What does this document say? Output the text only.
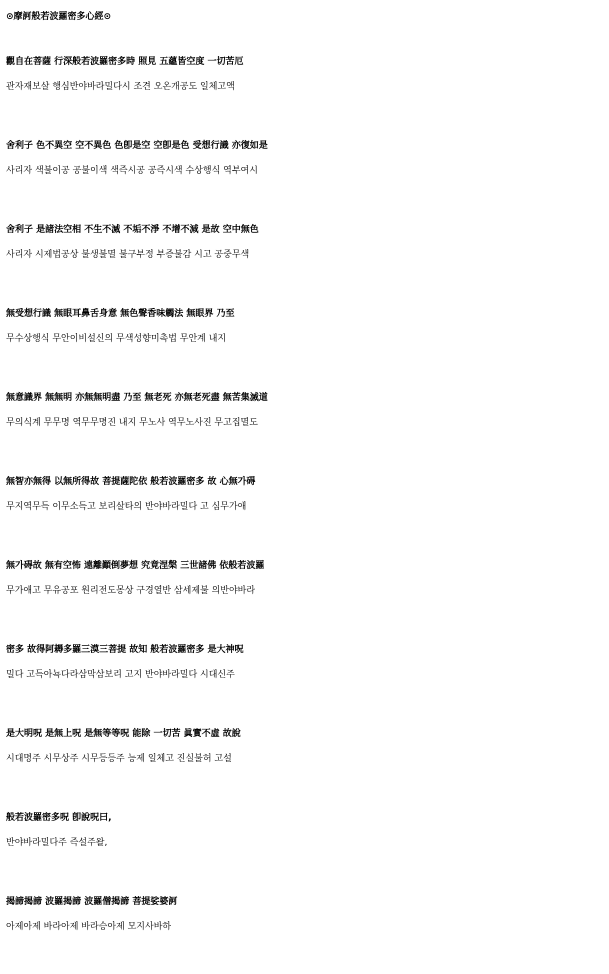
⊙摩訶般若波羅密多心經⊙
觀自在菩薩 行深般若波羅密多時 照見 五蘊皆空度 一切苦厄
관자재보살 행심반야바라밀다시 조견 오온개공도 일체고액
舍利子 色不異空 空不異色 色卽是空 空卽是色 受想行識 亦復如是
사리자 색불이공 공불이색 색즉시공 공즉시색 수상행식 역부여시
舍利子 是諸法空相 不生不滅 不垢不淨 不增不減 是故 空中無色
사리자 시제법공상 불생불멸 불구부정 부증불감 시고 공중무색
無受想行識 無眼耳鼻舌身意 無色聲香味觸法 無眼界 乃至
무수상행식 무안이비설신의 무색성향미촉법 무안계 내지
無意識界 無無明 亦無無明盡 乃至 無老死 亦無老死盡 無苦集滅道
무의식계 무무명 역무무명진 내지 무노사 역무노사진 무고집멸도
無智亦無得 以無所得故 菩提薩陀依 般若波羅密多 故 心無가碍
무지역무득 이무소득고 보리살타의 반야바라밀다 고 심무가애
無가碍故 無有空怖 遠離顚倒夢想 究竟涅槃 三世諸佛 依般若波羅
무가애고 무유공포 원리전도몽상 구경열반 삼세제불 의반야바라
密多 故得阿耨多羅三漠三菩提 故知 般若波羅密多 是大神呪
밀다 고득아뇩다라삼막삼보리 고지 반야바라밀다 시대신주
是大明呪 是無上呪 是無等等呪 能除 一切苦 眞實不虛 故說
시대명주 시무상주 시무등등주 능제 일체고 진실불허 고설
般若波羅密多呪 卽說呪曰,
반야바라밀다주 즉설주왈,
揭諦揭諦 波羅揭諦 波羅僧揭諦 菩提娑婆訶
아제아제 바라아제 바라승아제 모지사바하
